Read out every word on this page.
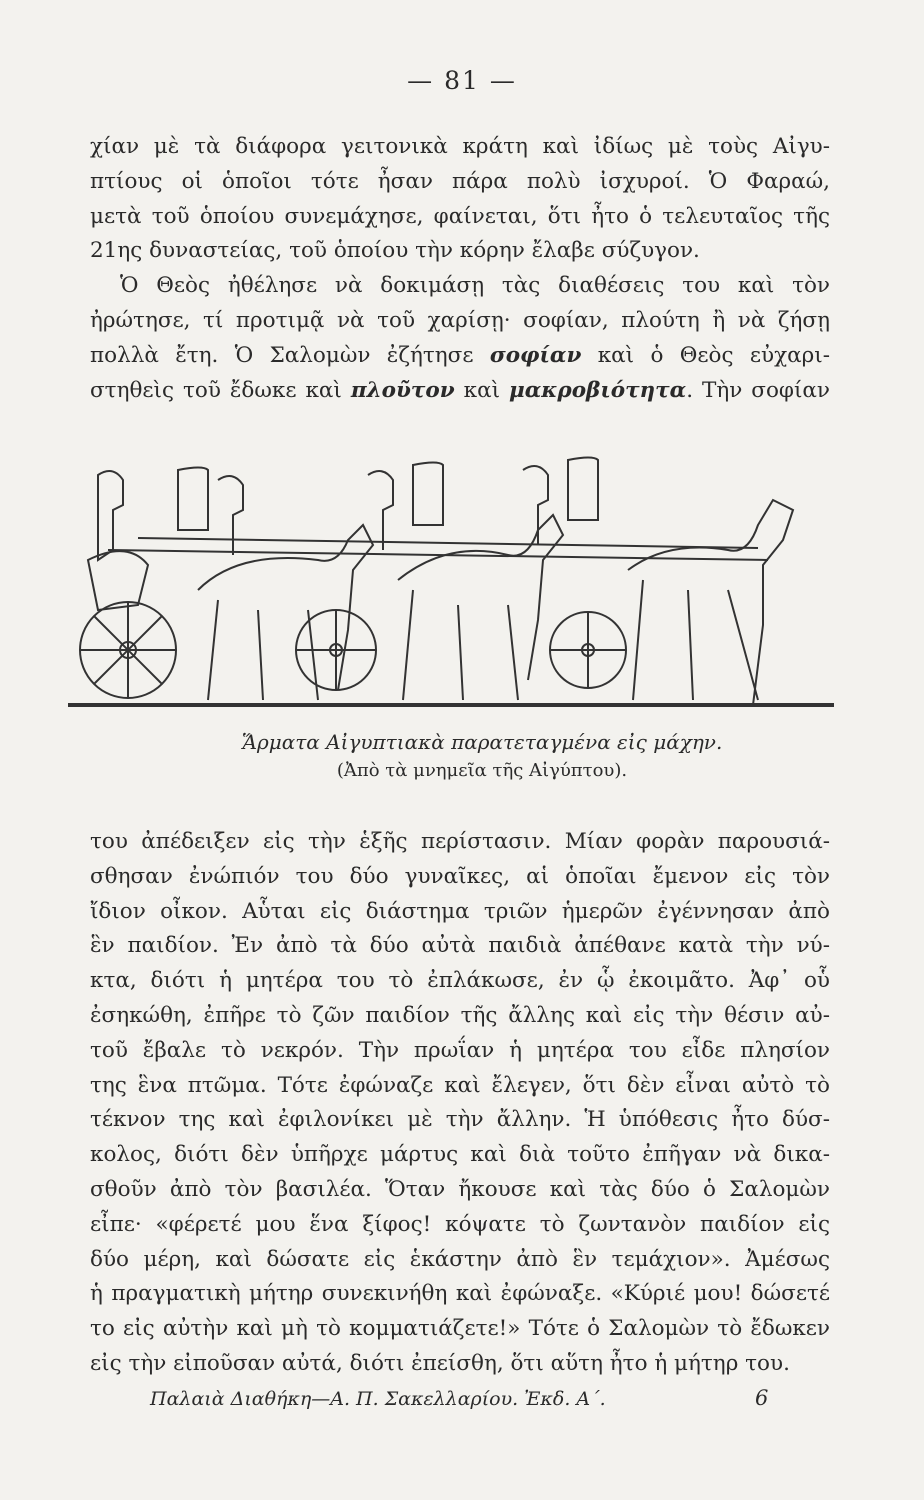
— 81 —
χίαν μὲ τὰ διάφορα γειτονικὰ κράτη καὶ ἰδίως μὲ τοὺς Αἰγυ-
πτίους οἱ ὁποῖοι τότε ἦσαν πάρα πολὺ ἰσχυροί. Ὁ Φαραώ,
μετὰ τοῦ ὁποίου συνεμάχησε, φαίνεται, ὅτι ἦτο ὁ τελευταῖος τῆς
21ης δυναστείας, τοῦ ὁποίου τὴν κόρην ἔλαβε σύζυγον.
Ὁ Θεὸς ἠθέλησε νὰ δοκιμάσῃ τὰς διαθέσεις του καὶ τὸν
ἠρώτησε, τί προτιμᾷ νὰ τοῦ χαρίσῃ· σοφίαν, πλούτη ἢ νὰ ζήσῃ
πολλὰ ἔτη. Ὁ Σαλομὼν ἐζήτησε σοφίαν καὶ ὁ Θεὸς εὐχαρι-
στηθεὶς τοῦ ἔδωκε καὶ πλοῦτον καὶ μακροβιότητα. Τὴν σοφίαν
Ἅρματα Αἰγυπτιακὰ παρατεταγμένα εἰς μάχην.
(Ἀπὸ τὰ μνημεῖα τῆς Αἰγύπτου).
του ἀπέδειξεν εἰς τὴν ἑξῆς περίστασιν. Μίαν φορὰν παρουσιά-
σθησαν ἐνώπιόν του δύο γυναῖκες, αἱ ὁποῖαι ἔμενον εἰς τὸν
ἴδιον οἶκον. Αὗται εἰς διάστημα τριῶν ἡμερῶν ἐγέννησαν ἀπὸ
ἓν παιδίον. Ἐν ἀπὸ τὰ δύο αὐτὰ παιδιὰ ἀπέθανε κατὰ τὴν νύ-
κτα, διότι ἡ μητέρα του τὸ ἐπλάκωσε, ἐν ᾧ ἐκοιμᾶτο. Ἀφ᾽ οὗ
ἐσηκώθη, ἐπῆρε τὸ ζῶν παιδίον τῆς ἄλλης καὶ εἰς τὴν θέσιν αὐ-
τοῦ ἔβαλε τὸ νεκρόν. Τὴν πρωΐαν ἡ μητέρα του εἶδε πλησίον
της ἓνα πτῶμα. Τότε ἐφώναζε καὶ ἔλεγεν, ὅτι δὲν εἶναι αὐτὸ τὸ
τέκνον της καὶ ἐφιλονίκει μὲ τὴν ἄλλην. Ἡ ὑπόθεσις ἦτο δύσ-
κολος, διότι δὲν ὑπῆρχε μάρτυς καὶ διὰ τοῦτο ἐπῆγαν νὰ δικα-
σθοῦν ἀπὸ τὸν βασιλέα. Ὅταν ἤκουσε καὶ τὰς δύο ὁ Σαλομὼν
εἶπε· «φέρετέ μου ἕνα ξίφος! κόψατε τὸ ζωντανὸν παιδίον εἰς
δύο μέρη, καὶ δώσατε εἰς ἑκάστην ἀπὸ ἓν τεμάχιον». Ἀμέσως
ἡ πραγματικὴ μήτηρ συνεκινήθη καὶ ἐφώναξε. «Κύριέ μου! δώσετέ
το εἰς αὐτὴν καὶ μὴ τὸ κομματιάζετε!» Τότε ὁ Σαλομὼν τὸ ἔδωκεν
εἰς τὴν εἰποῦσαν αὐτά, διότι ἐπείσθη, ὅτι αὕτη ἦτο ἡ μήτηρ του.
Παλαιὰ Διαθήκη—Α. Π. Σακελλαρίου. Ἐκδ. Α΄.	6
